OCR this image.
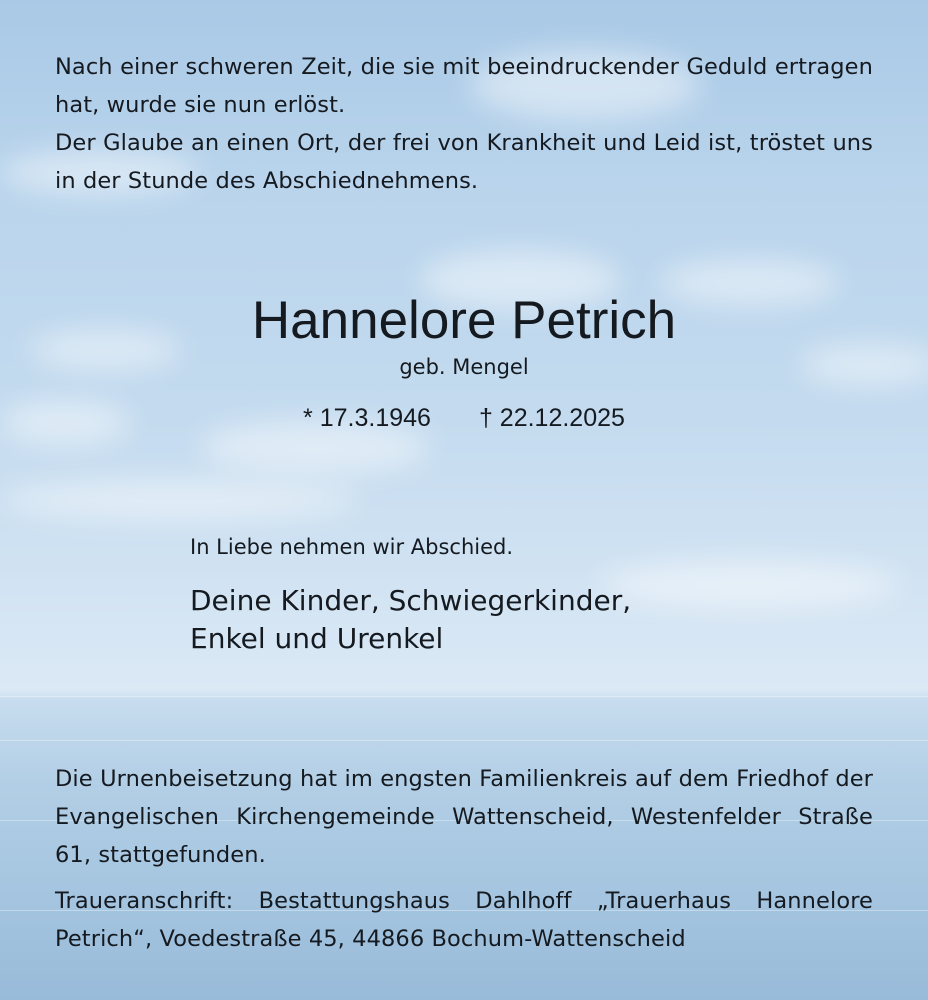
Nach einer schweren Zeit, die sie mit beeindruckender Geduld ertragen hat, wurde sie nun erlöst.

Der Glaube an einen Ort, der frei von Krankheit und Leid ist, tröstet uns in der Stunde des Abschiednehmens.

Hannelore Petrich
geb. Mengel
* 17.3.1946 † 22.12.2025
In Liebe nehmen wir Abschied.
Deine Kinder, Schwiegerkinder,
Enkel und Urenkel

Die Urnenbeisetzung hat im engsten Familienkreis auf dem Friedhof der Evangelischen Kirchengemeinde Wattenscheid, Westenfelder Straße 61, stattgefunden.

Traueranschrift: Bestattungshaus Dahlhoff „Trauerhaus Hannelore Petrich“, Voedestraße 45, 44866 Bochum-Wattenscheid
